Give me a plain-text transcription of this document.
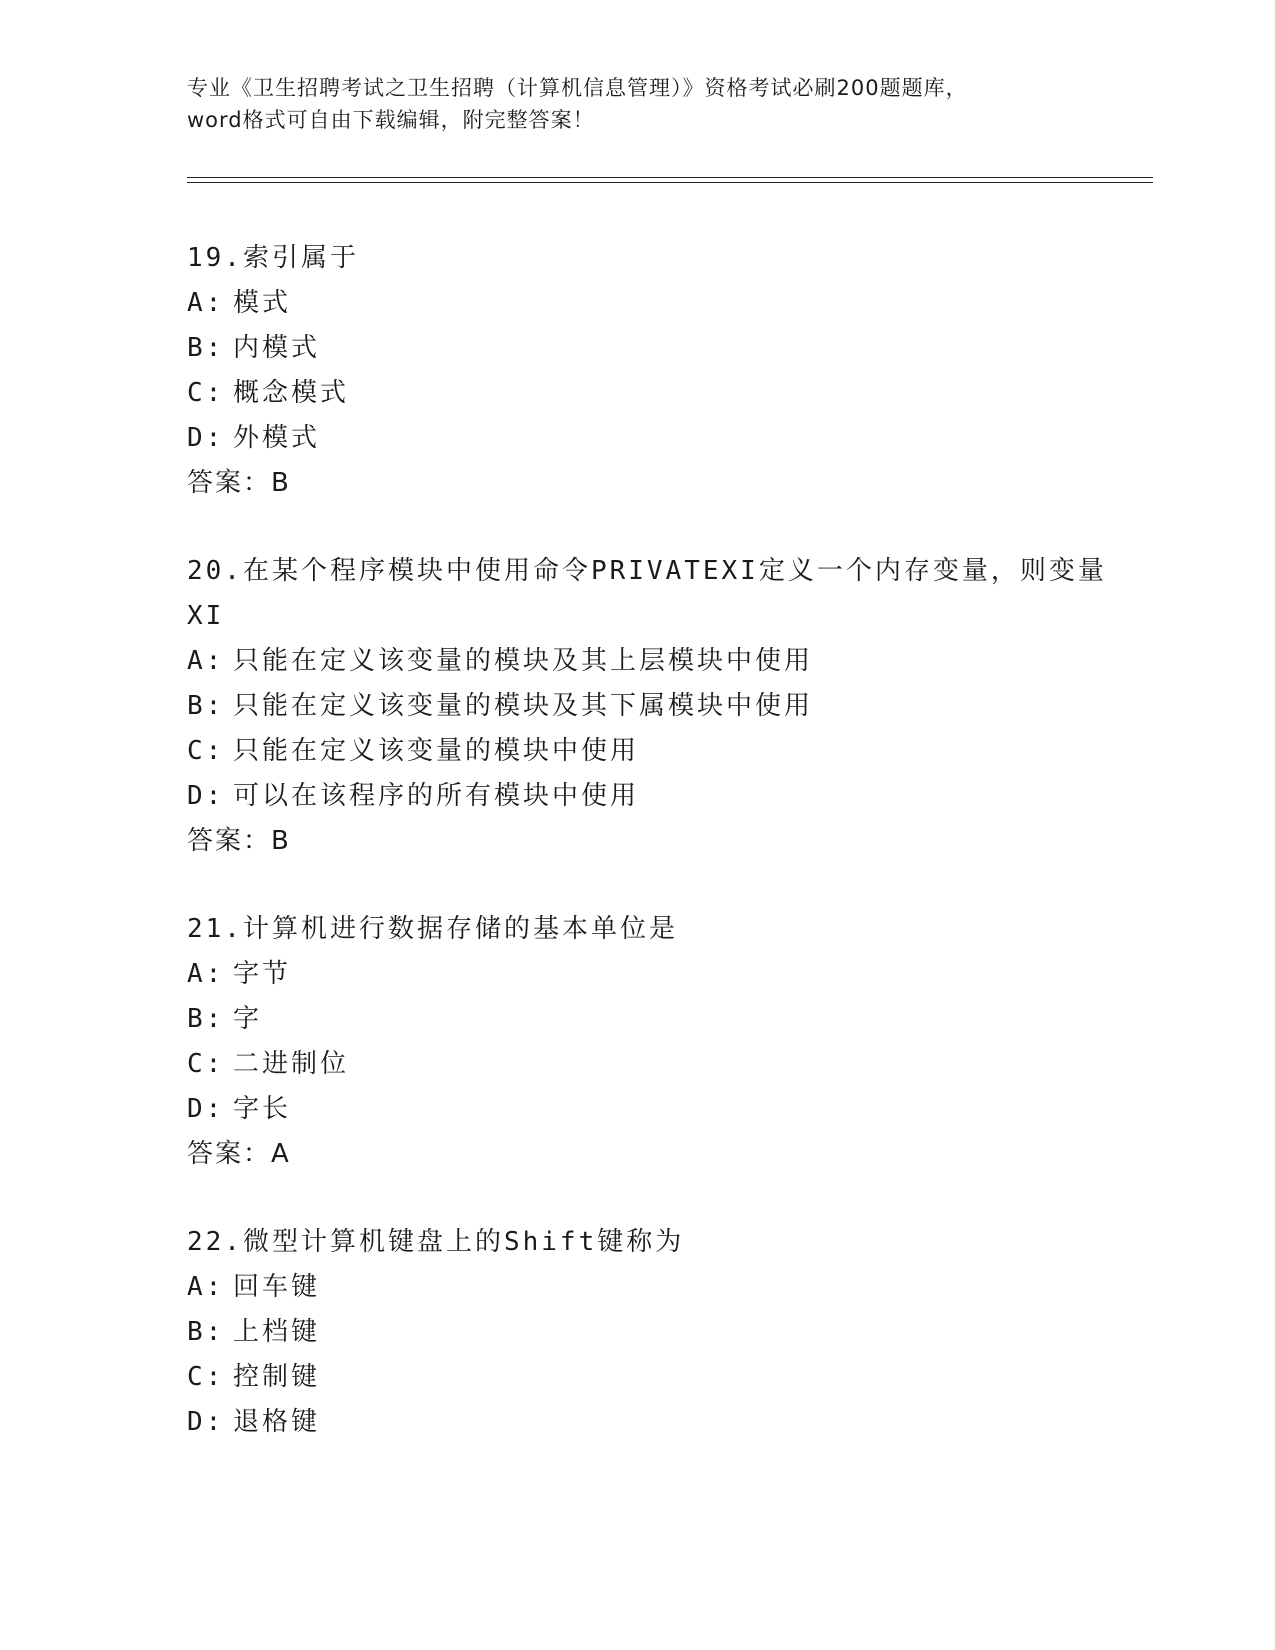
专业《卫生招聘考试之卫生招聘（计算机信息管理）》资格考试必刷200题题库，
word格式可自由下载编辑，附完整答案！
19.索引属于
A: 模式
B: 内模式
C: 概念模式
D: 外模式
答案：B
20.在某个程序模块中使用命令PRIVATEXI定义一个内存变量，则变量
XI
A: 只能在定义该变量的模块及其上层模块中使用
B: 只能在定义该变量的模块及其下属模块中使用
C: 只能在定义该变量的模块中使用
D: 可以在该程序的所有模块中使用
答案：B
21.计算机进行数据存储的基本单位是
A: 字节
B: 字
C: 二进制位
D: 字长
答案：A
22.微型计算机键盘上的Shift键称为
A: 回车键
B: 上档键
C: 控制键
D: 退格键
